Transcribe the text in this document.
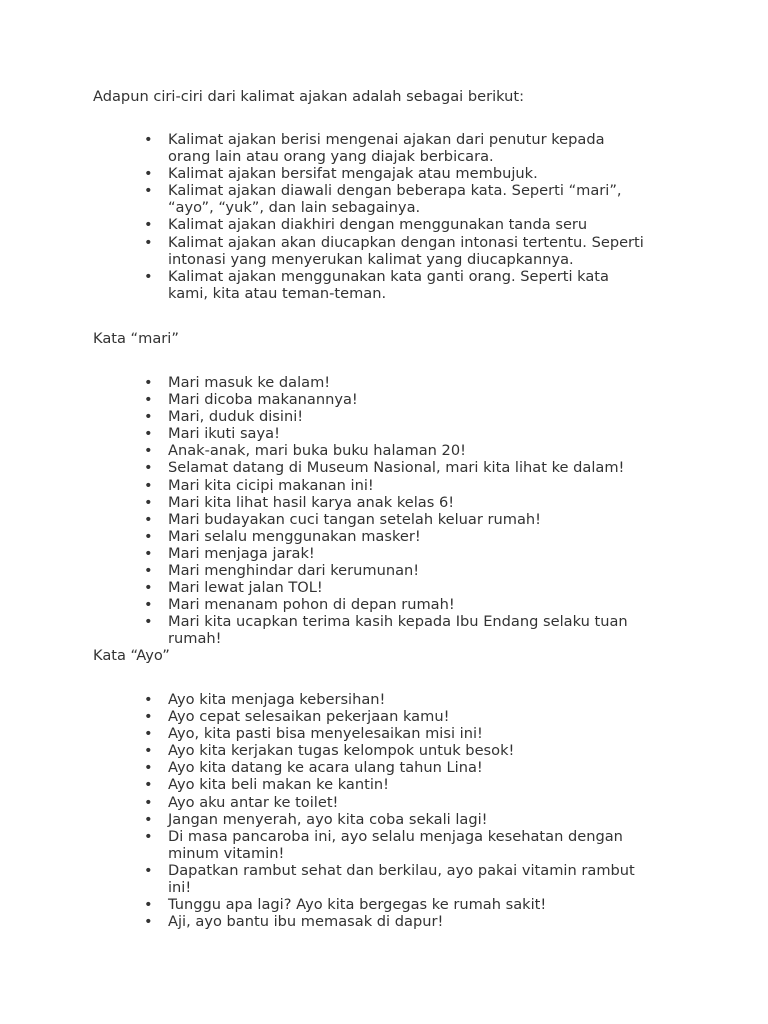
Adapun ciri-ciri dari kalimat ajakan adalah sebagai berikut:

• Kalimat ajakan berisi mengenai ajakan dari penutur kepada
orang lain atau orang yang diajak berbicara.
• Kalimat ajakan bersifat mengajak atau membujuk.
• Kalimat ajakan diawali dengan beberapa kata. Seperti “mari”,
“ayo”, “yuk”, dan lain sebagainya.
• Kalimat ajakan diakhiri dengan menggunakan tanda seru
• Kalimat ajakan akan diucapkan dengan intonasi tertentu. Seperti
intonasi yang menyerukan kalimat yang diucapkannya.
• Kalimat ajakan menggunakan kata ganti orang. Seperti kata
kami, kita atau teman-teman.

Kata “mari”

• Mari masuk ke dalam!
• Mari dicoba makanannya!
• Mari, duduk disini!
• Mari ikuti saya!
• Anak-anak, mari buka buku halaman 20!
• Selamat datang di Museum Nasional, mari kita lihat ke dalam!
• Mari kita cicipi makanan ini!
• Mari kita lihat hasil karya anak kelas 6!
• Mari budayakan cuci tangan setelah keluar rumah!
• Mari selalu menggunakan masker!
• Mari menjaga jarak!
• Mari menghindar dari kerumunan!
• Mari lewat jalan TOL!
• Mari menanam pohon di depan rumah!
• Mari kita ucapkan terima kasih kepada Ibu Endang selaku tuan
rumah!

Kata “Ayo”

• Ayo kita menjaga kebersihan!
• Ayo cepat selesaikan pekerjaan kamu!
• Ayo, kita pasti bisa menyelesaikan misi ini!
• Ayo kita kerjakan tugas kelompok untuk besok!
• Ayo kita datang ke acara ulang tahun Lina!
• Ayo kita beli makan ke kantin!
• Ayo aku antar ke toilet!
• Jangan menyerah, ayo kita coba sekali lagi!
• Di masa pancaroba ini, ayo selalu menjaga kesehatan dengan
minum vitamin!
• Dapatkan rambut sehat dan berkilau, ayo pakai vitamin rambut
ini!
• Tunggu apa lagi? Ayo kita bergegas ke rumah sakit!
• Aji, ayo bantu ibu memasak di dapur!
